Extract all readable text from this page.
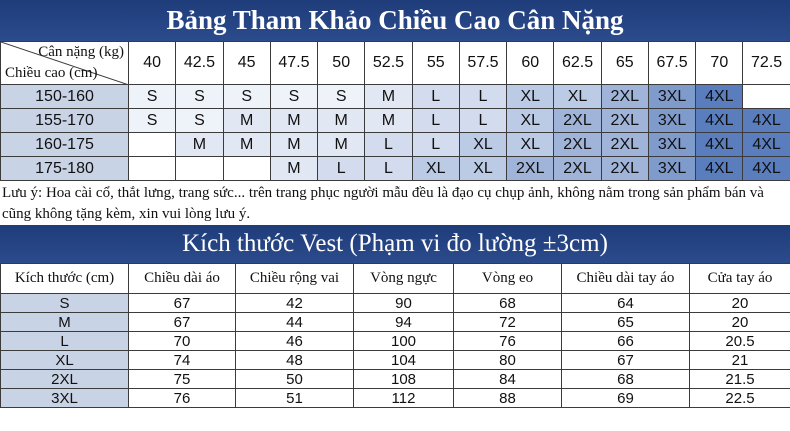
Bảng Tham Khảo Chiều Cao Cân Nặng
Cân nặng (kg)
Chiều cao (cm)	40	42.5	45	47.5	50	52.5	55	57.5	60	62.5	65	67.5	70	72.5
150-160	S	S	S	S	S	M	L	L	XL	XL	2XL	3XL	4XL	
155-170	S	S	M	M	M	M	L	L	XL	2XL	2XL	3XL	4XL	4XL
160-175		M	M	M	M	L	L	XL	XL	2XL	2XL	3XL	4XL	4XL
175-180				M	L	L	XL	XL	2XL	2XL	2XL	3XL	4XL	4XL
Lưu ý: Hoa cài cổ, thắt lưng, trang sức... trên trang phục người mẫu đều là đạo cụ chụp ảnh, không nằm trong sản phẩm bán và cũng không tặng kèm, xin vui lòng lưu ý.
Kích thước Vest (Phạm vi đo lường ±3cm)
Kích thước (cm)	Chiều dài áo	Chiều rộng vai	Vòng ngực	Vòng eo	Chiều dài tay áo	Cửa tay áo
S	67	42	90	68	64	20
M	67	44	94	72	65	20
L	70	46	100	76	66	20.5
XL	74	48	104	80	67	21
2XL	75	50	108	84	68	21.5
3XL	76	51	112	88	69	22.5
